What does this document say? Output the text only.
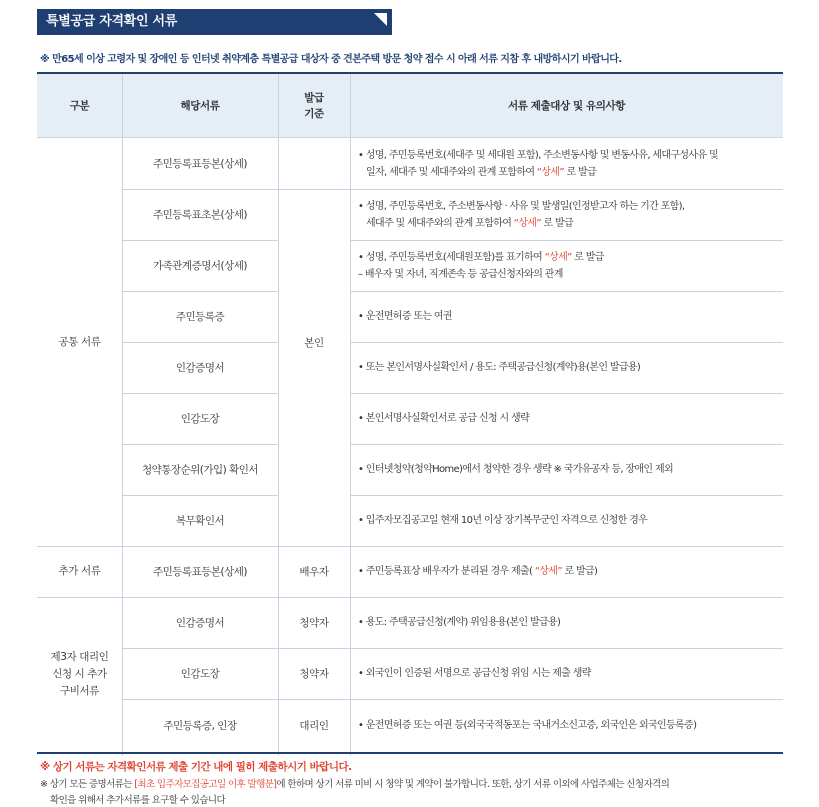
특별공급 자격확인 서류
※ 만65세 이상 고령자 및 장애인 등 인터넷 취약계층 특별공급 대상자 중 견본주택 방문 청약 접수 시 아래 서류 지참 후 내방하시기 바랍니다.
구분	해당서류
발급
기준
서류 제출대상 및 유의사항
공통 서류
추가 서류
제3자 대리인
신청 시 추가
구비서류
본인
배우자
청약자
청약자
대리인
주민등록표등본(상세)
주민등록표초본(상세)
가족관계증명서(상세)
주민등록증
인감증명서
인감도장
청약통장순위(가입) 확인서
복무확인서
주민등록표등본(상세)
인감증명서
인감도장
주민등록증, 인장
• 성명, 주민등록번호(세대주 및 세대원 포함), 주소변동사항 및 변동사유, 세대구성사유 및
일자, 세대주 및 세대주와의 관계 포함하여 “상세” 로 발급
• 성명, 주민등록번호, 주소변동사항 · 사유 및 발생일(인정받고자 하는 기간 포함),
세대주 및 세대주와의 관계 포함하여 “상세” 로 발급
• 성명, 주민등록번호(세대원포함)를 표기하여 “상세” 로 발급
– 배우자 및 자녀, 직계존속 등 공급신청자와의 관계
• 운전면허증 또는 여권
• 또는 본인서명사실확인서 / 용도: 주택공급신청(계약)용(본인 발급용)
• 본인서명사실확인서로 공급 신청 시 생략
• 인터넷청약(청약Home)에서 청약한 경우 생략 ※ 국가유공자 등, 장애인 제외
• 입주자모집공고일 현재 10년 이상 장기복무군인 자격으로 신청한 경우
• 주민등록표상 배우자가 분리된 경우 제출( “상세” 로 발급)
• 용도: 주택공급신청(계약) 위임용용(본인 발급용)
• 외국인이 인증된 서명으로 공급신청 위임 시는 제출 생략
• 운전면허증 또는 여권 등(외국국적동포는 국내거소신고증, 외국인은 외국인등록증)
※ 상기 서류는 자격확인서류 제출 기간 내에 필히 제출하시기 바랍니다.
※ 상기 모든 증명서류는 [최초 입주자모집공고일 이후 발행분]에 한하며 상기 서류 미비 시 청약 및 계약이 불가합니다. 또한, 상기 서류 이외에 사업주체는 신청자격의
확인을 위해서 추가서류를 요구할 수 있습니다
